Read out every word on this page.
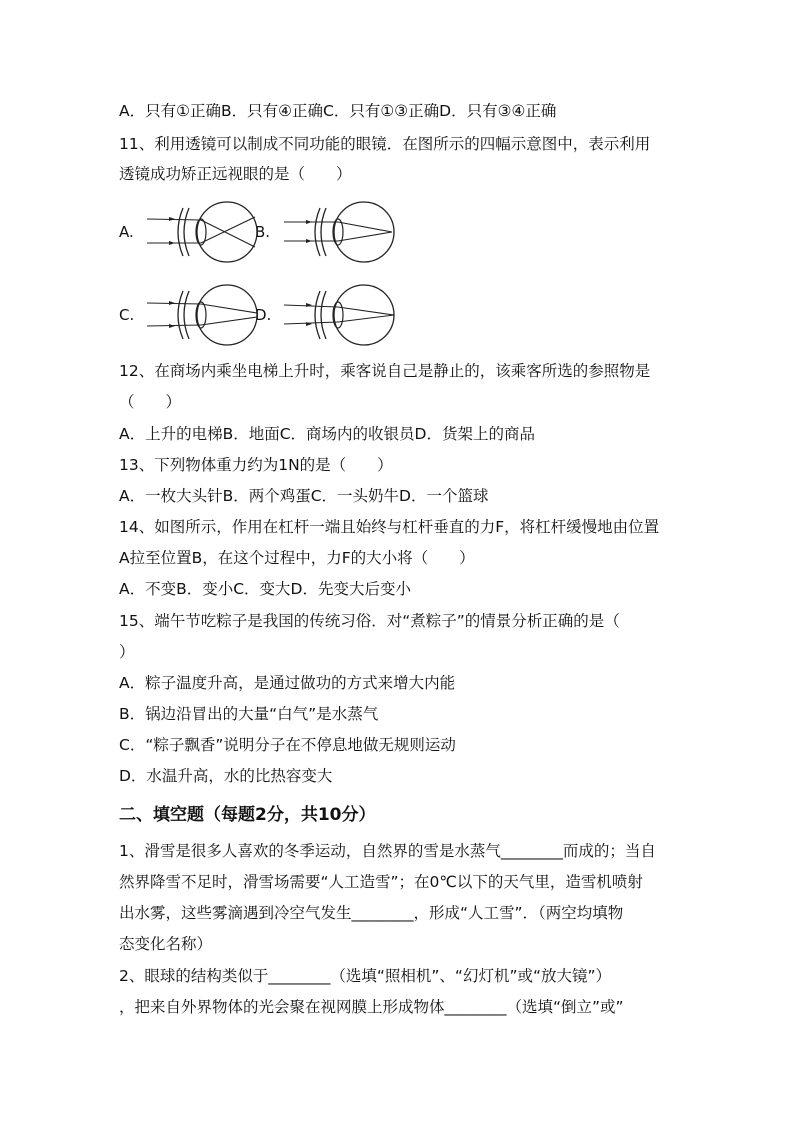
A．只有①正确B．只有④正确C．只有①③正确D．只有③④正确
11、利用透镜可以制成不同功能的眼镜．在图所示的四幅示意图中，表示利用
透镜成功矫正远视眼的是（　　）
A.	B.
C.	D.
12、在商场内乘坐电梯上升时，乘客说自己是静止的，该乘客所选的参照物是
（　　）
A．上升的电梯B．地面C．商场内的收银员D．货架上的商品
13、下列物体重力约为1N的是（　　）
A．一枚大头针B．两个鸡蛋C．一头奶牛D．一个篮球
14、如图所示，作用在杠杆一端且始终与杠杆垂直的力F，将杠杆缓慢地由位置
A拉至位置B，在这个过程中，力F的大小将（　　）
A．不变B．变小C．变大D．先变大后变小
15、端午节吃粽子是我国的传统习俗．对“煮粽子”的情景分析正确的是（
）
A．粽子温度升高，是通过做功的方式来增大内能
B．锅边沿冒出的大量“白气”是水蒸气
C．“粽子飘香”说明分子在不停息地做无规则运动
D．水温升高，水的比热容变大
二、填空题（每题2分，共10分）
1、滑雪是很多人喜欢的冬季运动，自然界的雪是水蒸气________而成的；当自
然界降雪不足时，滑雪场需要“人工造雪”；在0℃以下的天气里，造雪机喷射
出水雾，这些雾滴遇到冷空气发生________，形成“人工雪”．（两空均填物
态变化名称）
2、眼球的结构类似于________（选填“照相机”、“幻灯机”或“放大镜”）
，把来自外界物体的光会聚在视网膜上形成物体________（选填“倒立”或”
